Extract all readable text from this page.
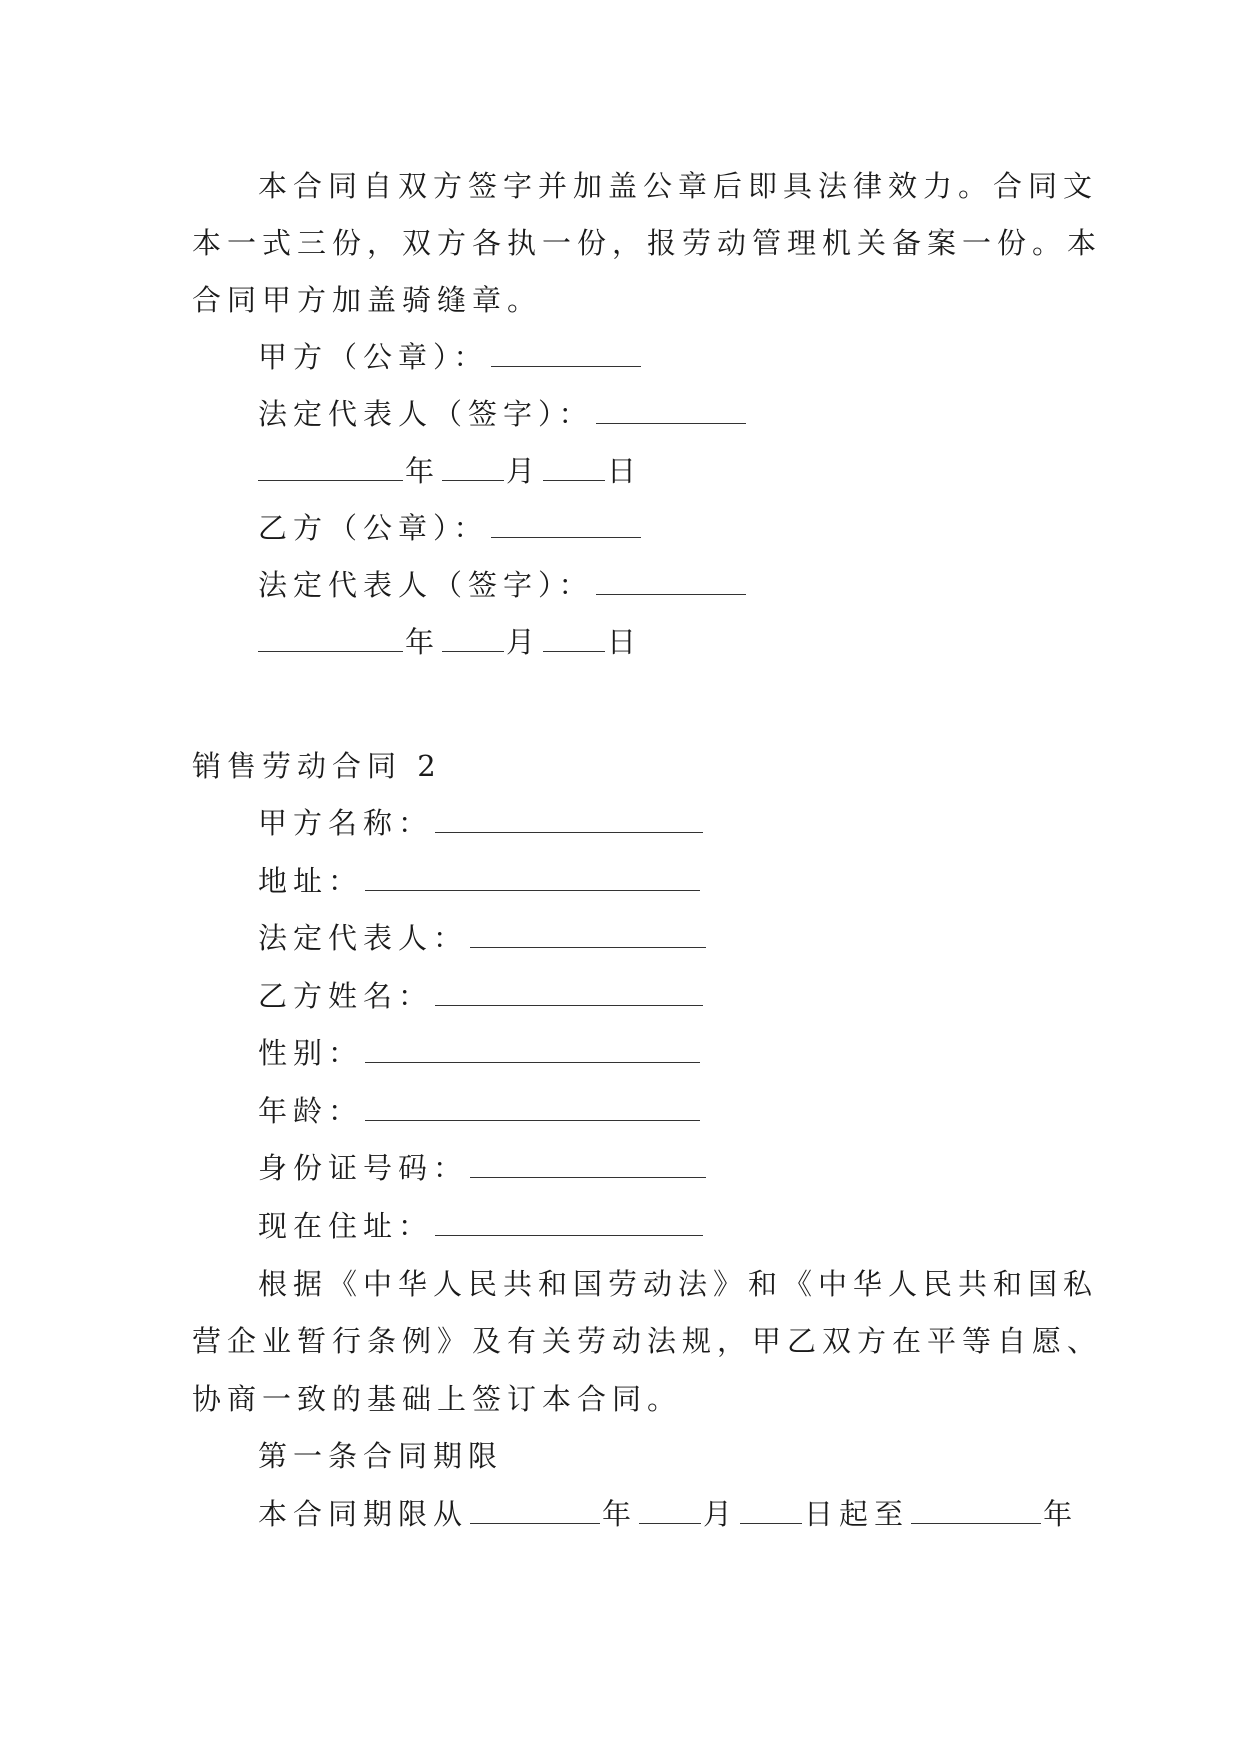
本合同自双方签字并加盖公章后即具法律效力。合同文
本一式三份，双方各执一份，报劳动管理机关备案一份。本
合同甲方加盖骑缝章。
甲方（公章）：
法定代表人（签字）：
年 月 日
乙方（公章）：
法定代表人（签字）：
年 月 日
销售劳动合同 2
甲方名称：
地址：
法定代表人：
乙方姓名：
性别：
年龄：
身份证号码：
现在住址：
根据《中华人民共和国劳动法》和《中华人民共和国私
营企业暂行条例》及有关劳动法规，甲乙双方在平等自愿、
协商一致的基础上签订本合同。
第一条合同期限
本合同期限从	年 月 日起至	年
